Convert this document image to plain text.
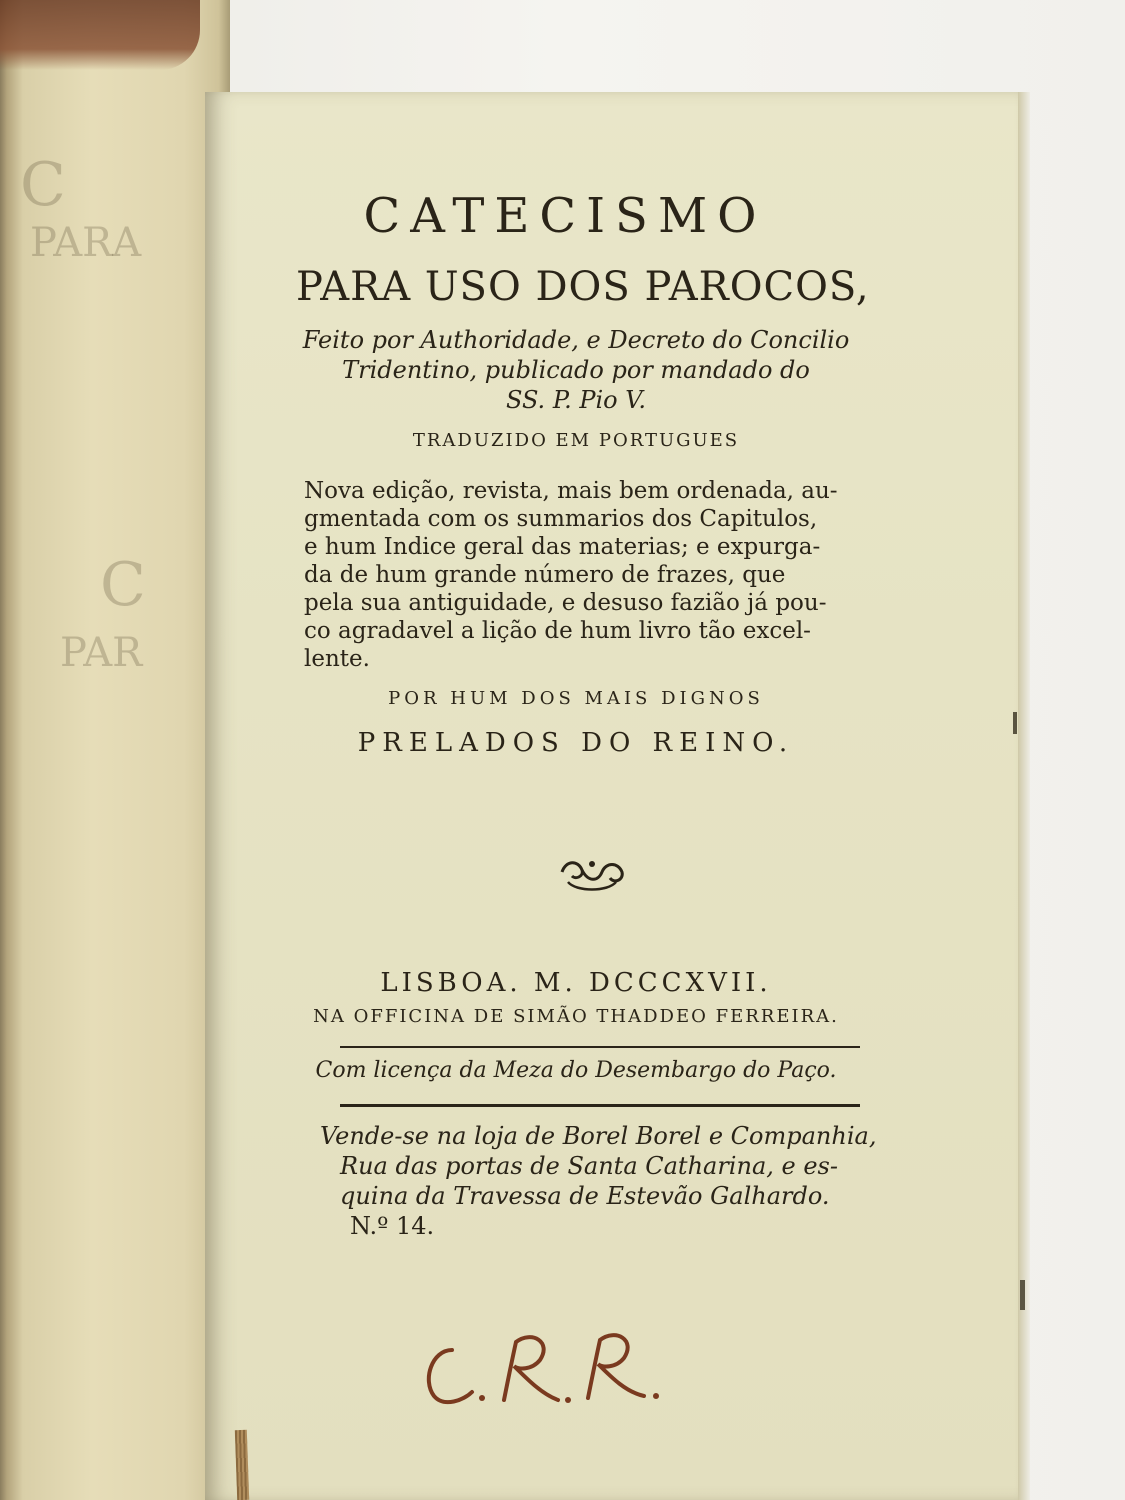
C
PARA
C
PAR
CATECISMO
PARA USO DOS PAROCOS,
Feito por Authoridade, e Decreto do Concilio
Tridentino, publicado por mandado do
SS. P. Pio V.
TRADUZIDO EM PORTUGUES
Nova edição, revista, mais bem ordenada, au-
gmentada com os summarios dos Capitulos,
e hum Indice geral das materias; e expurga-
da de hum grande número de frazes, que
pela sua antiguidade, e desuso fazião já pou-
co agradavel a lição de hum livro tão excel-
lente.
POR HUM DOS MAIS DIGNOS
PRELADOS DO REINO.
LISBOA. M. DCCCXVII.
NA OFFICINA DE SIMÃO THADDEO FERREIRA.
Com licença da Meza do Desembargo do Paço.
Vende-se na loja de Borel Borel e Companhia,
Rua das portas de Santa Catharina, e es-
quina da Travessa de Estevão Galhardo.
N.º 14.
